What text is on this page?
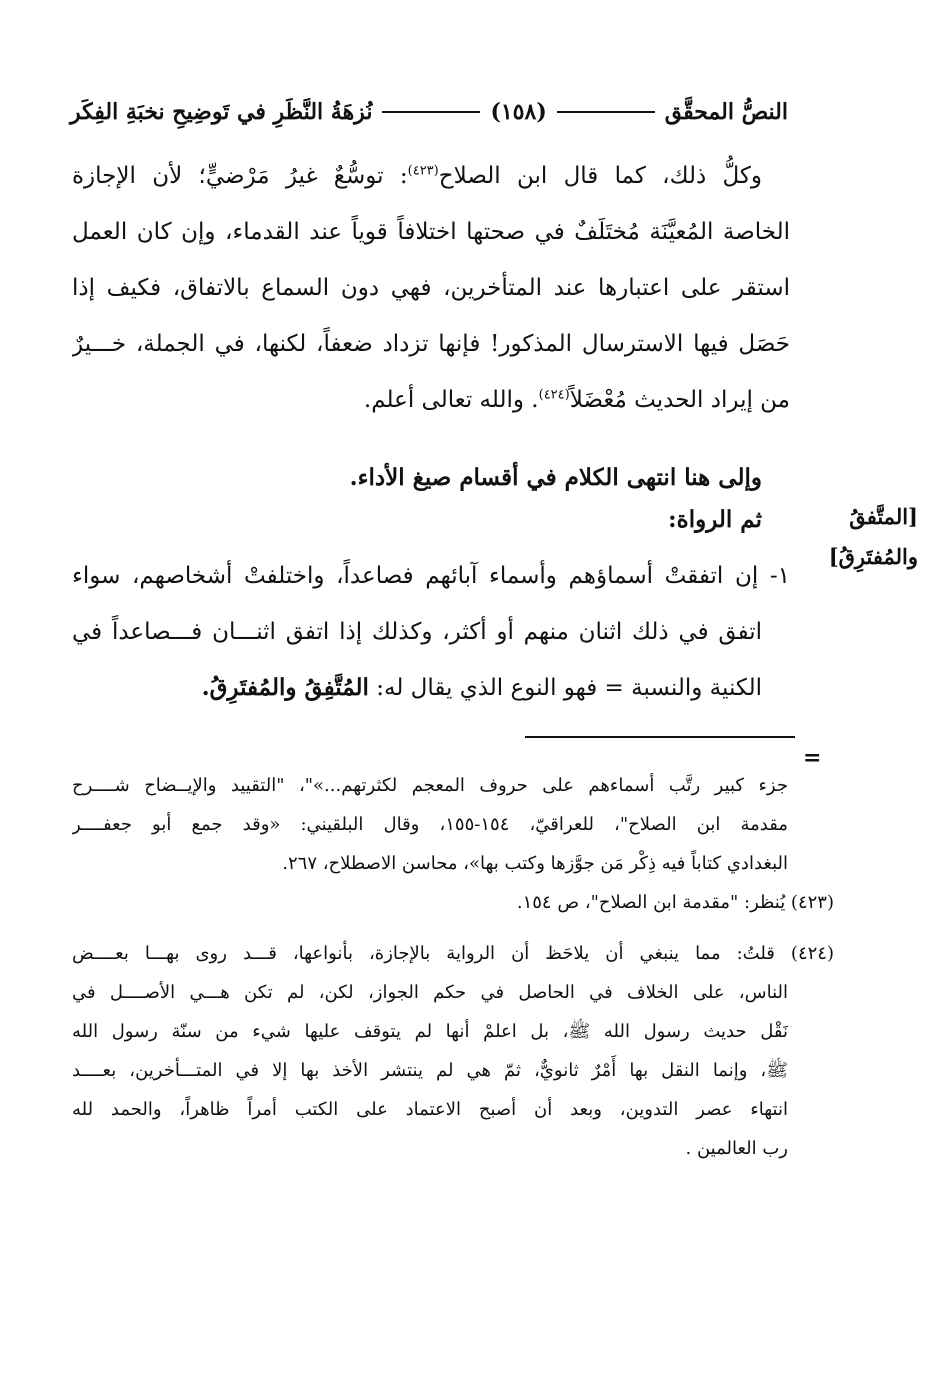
النصُّ المحقَّق
(١٥٨)
نُزهَةُ النَّظَرِ في تَوضِيحِ نخبَةِ الفِكَر
وكلُّ ذلك، كما قال ابن الصلاح$^{(٤٢٣)}$: توسُّعٌ غيرُ مَرْضيٍّ؛ لأن الإجازة
الخاصة المُعيَّنَة مُختَلَفٌ في صحتها اختلافاً قوياً عند القدماء، وإن كان العمل
استقر على اعتبارها عند المتأخرين، فهي دون السماع بالاتفاق، فكيف إذا
حَصَل فيها الاسترسال المذكور! فإنها تزداد ضعفاً، لكنها، في الجملة، خـــيرٌ
من إيراد الحديث مُعْضَلاً$^{(٤٢٤)}$. والله تعالى أعلم.
وإلى هنا انتهى الكلام في أقسام صيغ الأداء.
ثم الرواة:
١- إن اتفقتْ أسماؤهم وأسماء آبائهم فصاعداً، واختلفتْ أشخاصهم، سواء
اتفق في ذلك اثنان منهم أو أكثر، وكذلك إذا اتفق اثنـــان فـــصاعداً في
الكنية والنسبة = فهو النوع الذي يقال له: المُتَّفِقُ والمُفتَرِقُ.
[المتَّفقُ
والمُفتَرِقُ]
=
جزء كبير رتَّب أسماءهم على حروف المعجم لكثرتهم...»"، "التقييد والإيــضاح شــــرح
مقدمة ابن الصلاح"، للعراقيّ، ١٥٤-١٥٥، وقال البلقيني: «وقد جمع أبو جعفــــر
البغدادي كتاباً فيه ذِكْر مَن جوَّزها وكتب بها»، محاسن الاصطلاح، ٢٦٧.
(٤٢٣) يُنظر: "مقدمة ابن الصلاح"، ص ١٥٤.
(٤٢٤) قلتُ: مما ينبغي أن يلاحَظ أن الرواية بالإجازة، بأنواعها، قـــد روى بهـــا بعــــض
الناس، على الخلاف في الحاصل في حكم الجواز، لكن، لم تكن هـــي الأصــــل في
نَقْل حديث رسول الله ﷺ، بل اعلمْ أنها لم يتوقف عليها شيء من سنّة رسول الله
ﷺ، وإنما النقل بها أَمْرٌ ثانويٌّ، ثمّ هي لم ينتشر الأخذ بها إلا في المتـــأخرين، بعــــد
انتهاء عصر التدوين، وبعد أن أصبح الاعتماد على الكتب أمراً ظاهراً، والحمد لله
رب العالمين .
